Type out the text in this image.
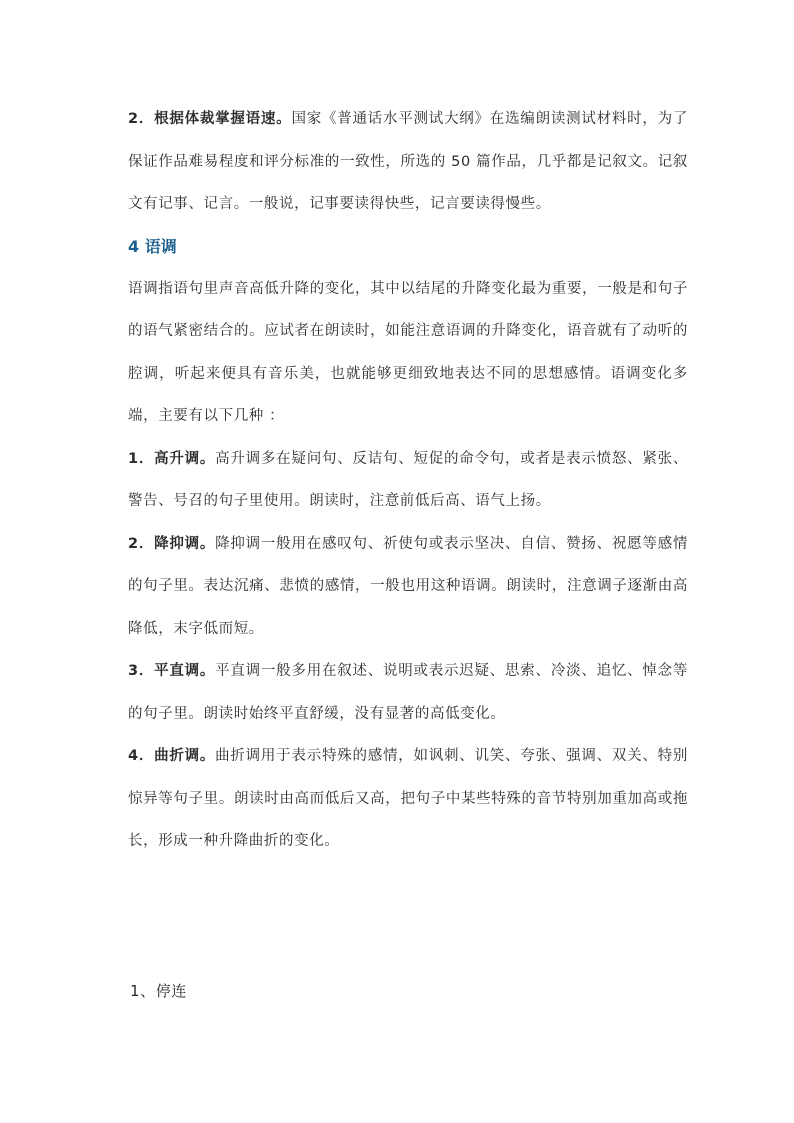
2．根据体裁掌握语速。国家《普通话水平测试大纲》在选编朗读测试材料时，为了保证作品难易程度和评分标准的一致性，所选的 50 篇作品，几乎都是记叙文。记叙文有记事、记言。一般说，记事要读得快些，记言要读得慢些。

4 语调

语调指语句里声音高低升降的变化，其中以结尾的升降变化最为重要，一般是和句子的语气紧密结合的。应试者在朗读时，如能注意语调的升降变化，语音就有了动听的腔调，听起来便具有音乐美，也就能够更细致地表达不同的思想感情。语调变化多端，主要有以下几种 ：

1．高升调。高升调多在疑问句、反诘句、短促的命令句，或者是表示愤怒、紧张、警告、号召的句子里使用。朗读时，注意前低后高、语气上扬。

2．降抑调。降抑调一般用在感叹句、祈使句或表示坚决、自信、赞扬、祝愿等感情的句子里。表达沉痛、悲愤的感情，一般也用这种语调。朗读时，注意调子逐渐由高降低，末字低而短。

3．平直调。平直调一般多用在叙述、说明或表示迟疑、思索、冷淡、追忆、悼念等的句子里。朗读时始终平直舒缓，没有显著的高低变化。

4．曲折调。曲折调用于表示特殊的感情，如讽刺、讥笑、夸张、强调、双关、特别惊异等句子里。朗读时由高而低后又高，把句子中某些特殊的音节特别加重加高或拖长，形成一种升降曲折的变化。

1、停连
